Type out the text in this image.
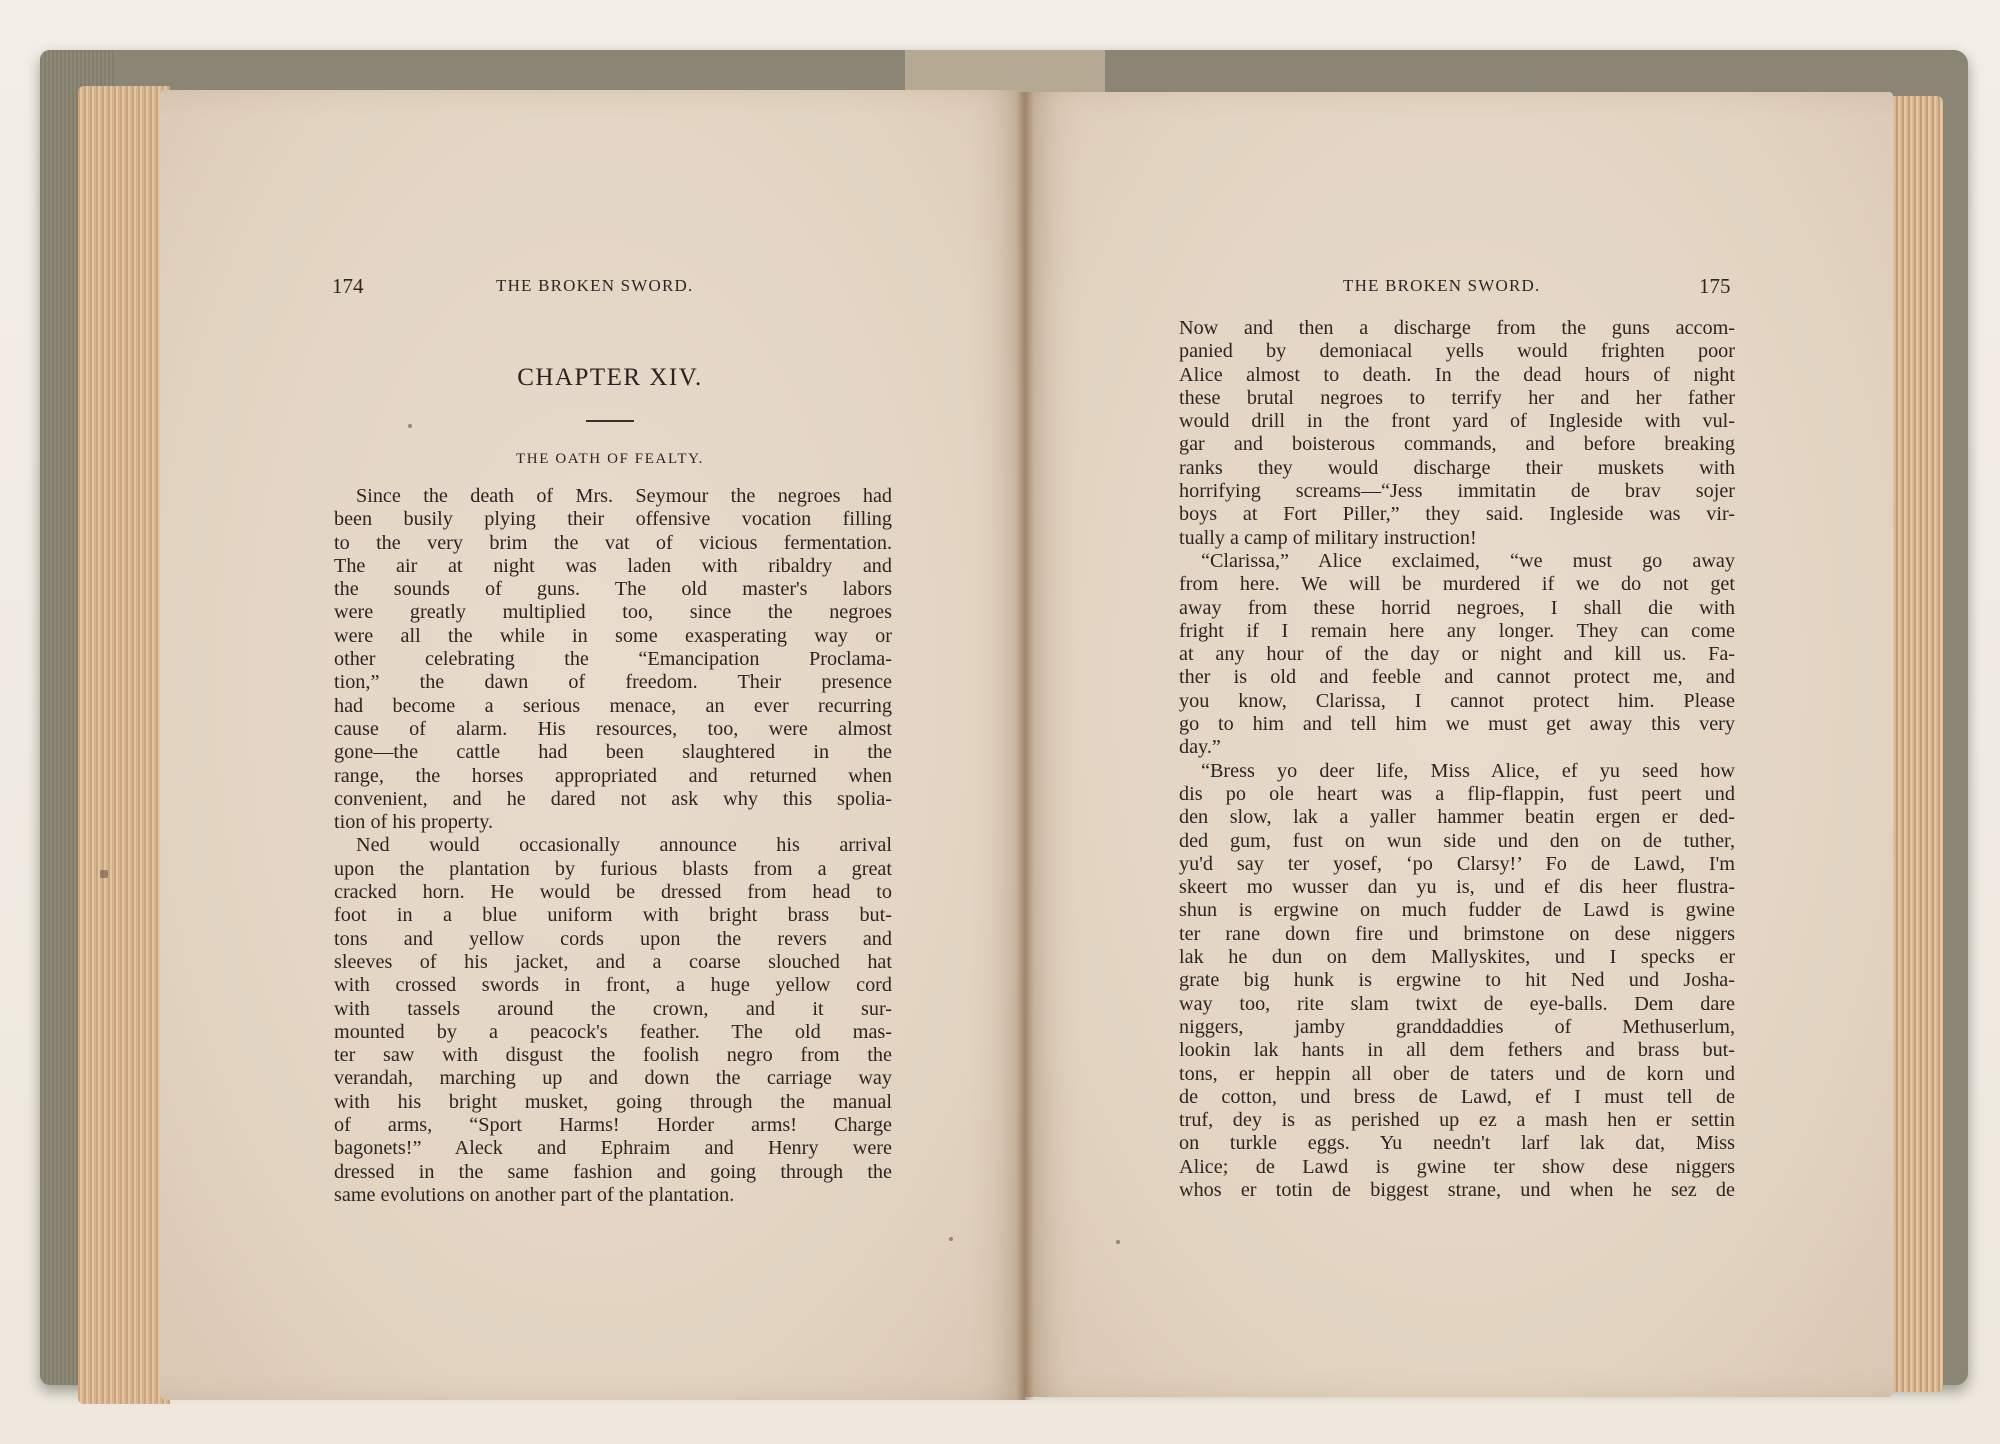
174	THE BROKEN SWORD.
CHAPTER XIV.
THE OATH OF FEALTY.
Since the death of Mrs. Seymour the negroes had
been busily plying their offensive vocation filling
to the very brim the vat of vicious fermentation.
The air at night was laden with ribaldry and
the sounds of guns. The old master's labors
were greatly multiplied too, since the negroes
were all the while in some exasperating way or
other celebrating the “Emancipation Proclama-
tion,” the dawn of freedom. Their presence
had become a serious menace, an ever recurring
cause of alarm. His resources, too, were almost
gone—the cattle had been slaughtered in the
range, the horses appropriated and returned when
convenient, and he dared not ask why this spolia-
tion of his property.
Ned would occasionally announce his arrival
upon the plantation by furious blasts from a great
cracked horn. He would be dressed from head to
foot in a blue uniform with bright brass but-
tons and yellow cords upon the revers and
sleeves of his jacket, and a coarse slouched hat
with crossed swords in front, a huge yellow cord
with tassels around the crown, and it sur-
mounted by a peacock's feather. The old mas-
ter saw with disgust the foolish negro from the
verandah, marching up and down the carriage way
with his bright musket, going through the manual
of arms, “Sport Harms! Horder arms! Charge
bagonets!” Aleck and Ephraim and Henry were
dressed in the same fashion and going through the
same evolutions on another part of the plantation.
THE BROKEN SWORD.	175
Now and then a discharge from the guns accom-
panied by demoniacal yells would frighten poor
Alice almost to death. In the dead hours of night
these brutal negroes to terrify her and her father
would drill in the front yard of Ingleside with vul-
gar and boisterous commands, and before breaking
ranks they would discharge their muskets with
horrifying screams—“Jess immitatin de brav sojer
boys at Fort Piller,” they said. Ingleside was vir-
tually a camp of military instruction!
“Clarissa,” Alice exclaimed, “we must go away
from here. We will be murdered if we do not get
away from these horrid negroes, I shall die with
fright if I remain here any longer. They can come
at any hour of the day or night and kill us. Fa-
ther is old and feeble and cannot protect me, and
you know, Clarissa, I cannot protect him. Please
go to him and tell him we must get away this very
day.”
“Bress yo deer life, Miss Alice, ef yu seed how
dis po ole heart was a flip-flappin, fust peert und
den slow, lak a yaller hammer beatin ergen er ded-
ded gum, fust on wun side und den on de tuther,
yu'd say ter yosef, ‘po Clarsy!’ Fo de Lawd, I'm
skeert mo wusser dan yu is, und ef dis heer flustra-
shun is ergwine on much fudder de Lawd is gwine
ter rane down fire und brimstone on dese niggers
lak he dun on dem Mallyskites, und I specks er
grate big hunk is ergwine to hit Ned und Josha-
way too, rite slam twixt de eye-balls. Dem dare
niggers, jamby granddaddies of Methuserlum,
lookin lak hants in all dem fethers and brass but-
tons, er heppin all ober de taters und de korn und
de cotton, und bress de Lawd, ef I must tell de
truf, dey is as perished up ez a mash hen er settin
on turkle eggs. Yu needn't larf lak dat, Miss
Alice; de Lawd is gwine ter show dese niggers
whos er totin de biggest strane, und when he sez de
